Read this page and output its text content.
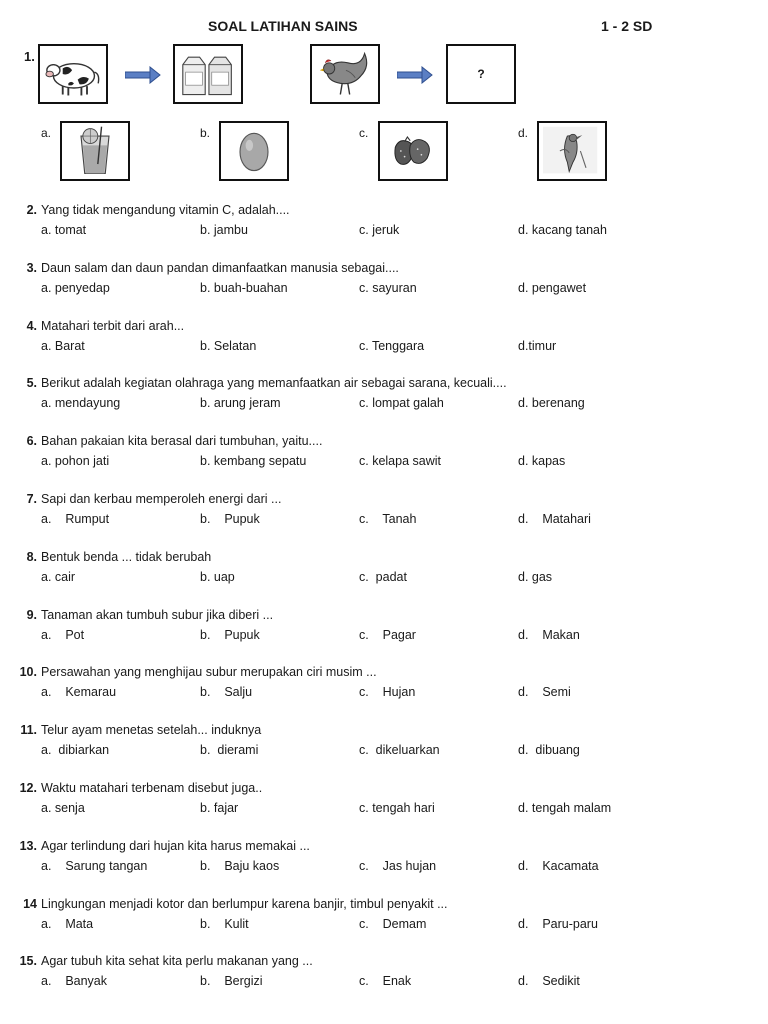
SOAL LATIHAN SAINS	1 - 2 SD
1.
?
a.	b.	c.	d.
2. Yang tidak mengandung vitamin C, adalah....
a. tomat	b. jambu	c. jeruk	d. kacang tanah
3. Daun salam dan daun pandan dimanfaatkan manusia sebagai....
a. penyedap	b. buah-buahan	c. sayuran	d. pengawet
4. Matahari terbit dari arah...
a. Barat	b. Selatan	c. Tenggara	d.timur
5. Berikut adalah kegiatan olahraga yang memanfaatkan air sebagai sarana, kecuali....
a. mendayung	b. arung jeram	c. lompat galah	d. berenang
6. Bahan pakaian kita berasal dari tumbuhan, yaitu....
a. pohon jati	b. kembang sepatu	c. kelapa sawit	d. kapas
7. Sapi dan kerbau memperoleh energi dari ...
a.    Rumput	b.    Pupuk	c.    Tanah	d.    Matahari
8. Bentuk benda ... tidak berubah
a. cair	b. uap	c.  padat	d. gas
9. Tanaman akan tumbuh subur jika diberi ...
a.    Pot	b.    Pupuk	c.    Pagar	d.    Makan
10. Persawahan yang menghijau subur merupakan ciri musim ...
a.    Kemarau	b.    Salju	c.    Hujan	d.    Semi
11. Telur ayam menetas setelah... induknya
a.  dibiarkan	b.  dierami	c.  dikeluarkan	d.  dibuang
12. Waktu matahari terbenam disebut juga..
a. senja	b. fajar	c. tengah hari	d. tengah malam
13. Agar terlindung dari hujan kita harus memakai ...
a.    Sarung tangan	b.    Baju kaos	c.    Jas hujan	d.    Kacamata
14 Lingkungan menjadi kotor dan berlumpur karena banjir, timbul penyakit ...
a.    Mata	b.    Kulit	c.    Demam	d.    Paru-paru
15. Agar tubuh kita sehat kita perlu makanan yang ...
a.    Banyak	b.    Bergizi	c.    Enak	d.    Sedikit
